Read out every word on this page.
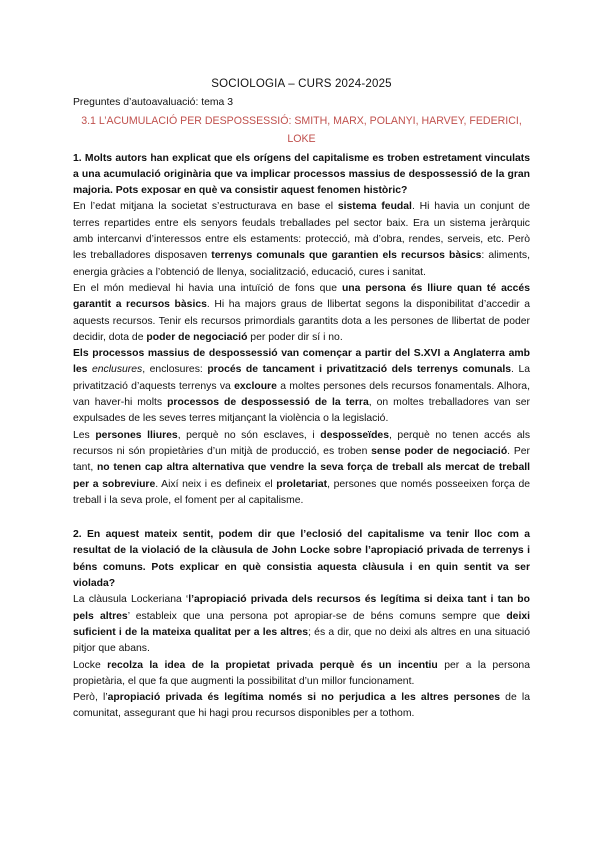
SOCIOLOGIA – CURS 2024-2025

Preguntes d’autoavaluació: tema 3

3.1 L’ACUMULACIÓ PER DESPOSSESSIÓ: SMITH, MARX, POLANYI, HARVEY, FEDERICI, LOKE

1. Molts autors han explicat que els orígens del capitalisme es troben estretament vinculats a una acumulació originària que va implicar processos massius de despossessió de la gran majoria. Pots exposar en què va consistir aquest fenomen històric?

En l’edat mitjana la societat s’estructurava en base el sistema feudal. Hi havia un conjunt de terres repartides entre els senyors feudals treballades pel sector baix. Era un sistema jeràrquic amb intercanvi d’interessos entre els estaments: protecció, mà d’obra, rendes, serveis, etc. Però les treballadores disposaven terrenys comunals que garantien els recursos bàsics: aliments, energia gràcies a l’obtenció de llenya, socialització, educació, cures i sanitat.

En el món medieval hi havia una intuïció de fons que una persona és lliure quan té accés garantit a recursos bàsics. Hi ha majors graus de llibertat segons la disponibilitat d’accedir a aquests recursos. Tenir els recursos primordials garantits dota a les persones de llibertat de poder decidir, dota de poder de negociació per poder dir sí i no.

Els processos massius de despossessió van començar a partir del S.XVI a Anglaterra amb les enclusures, enclosures: procés de tancament i privatització dels terrenys comunals. La privatització d’aquests terrenys va excloure a moltes persones dels recursos fonamentals. Alhora, van haver-hi molts processos de despossessió de la terra, on moltes treballadores van ser expulsades de les seves terres mitjançant la violència o la legislació.

Les persones lliures, perquè no són esclaves, i desposseïdes, perquè no tenen accés als recursos ni són propietàries d’un mitjà de producció, es troben sense poder de negociació. Per tant, no tenen cap altra alternativa que vendre la seva força de treball als mercat de treball per a sobreviure. Així neix i es defineix el proletariat, persones que només posseeixen força de treball i la seva prole, el foment per al capitalisme.

2. En aquest mateix sentit, podem dir que l’eclosió del capitalisme va tenir lloc com a resultat de la violació de la clàusula de John Locke sobre l’apropiació privada de terrenys i béns comuns. Pots explicar en què consistia aquesta clàusula i en quin sentit va ser violada?

La clàusula Lockeriana ‘l’apropiació privada dels recursos és legítima si deixa tant i tan bo pels altres’ estableix que una persona pot apropiar-se de béns comuns sempre que deixi suficient i de la mateixa qualitat per a les altres; és a dir, que no deixi als altres en una situació pitjor que abans.

Locke recolza la idea de la propietat privada perquè és un incentiu per a la persona propietària, el que fa que augmenti la possibilitat d’un millor funcionament.

Però, l’apropiació privada és legítima només si no perjudica a les altres persones de la comunitat, assegurant que hi hagi prou recursos disponibles per a tothom.
